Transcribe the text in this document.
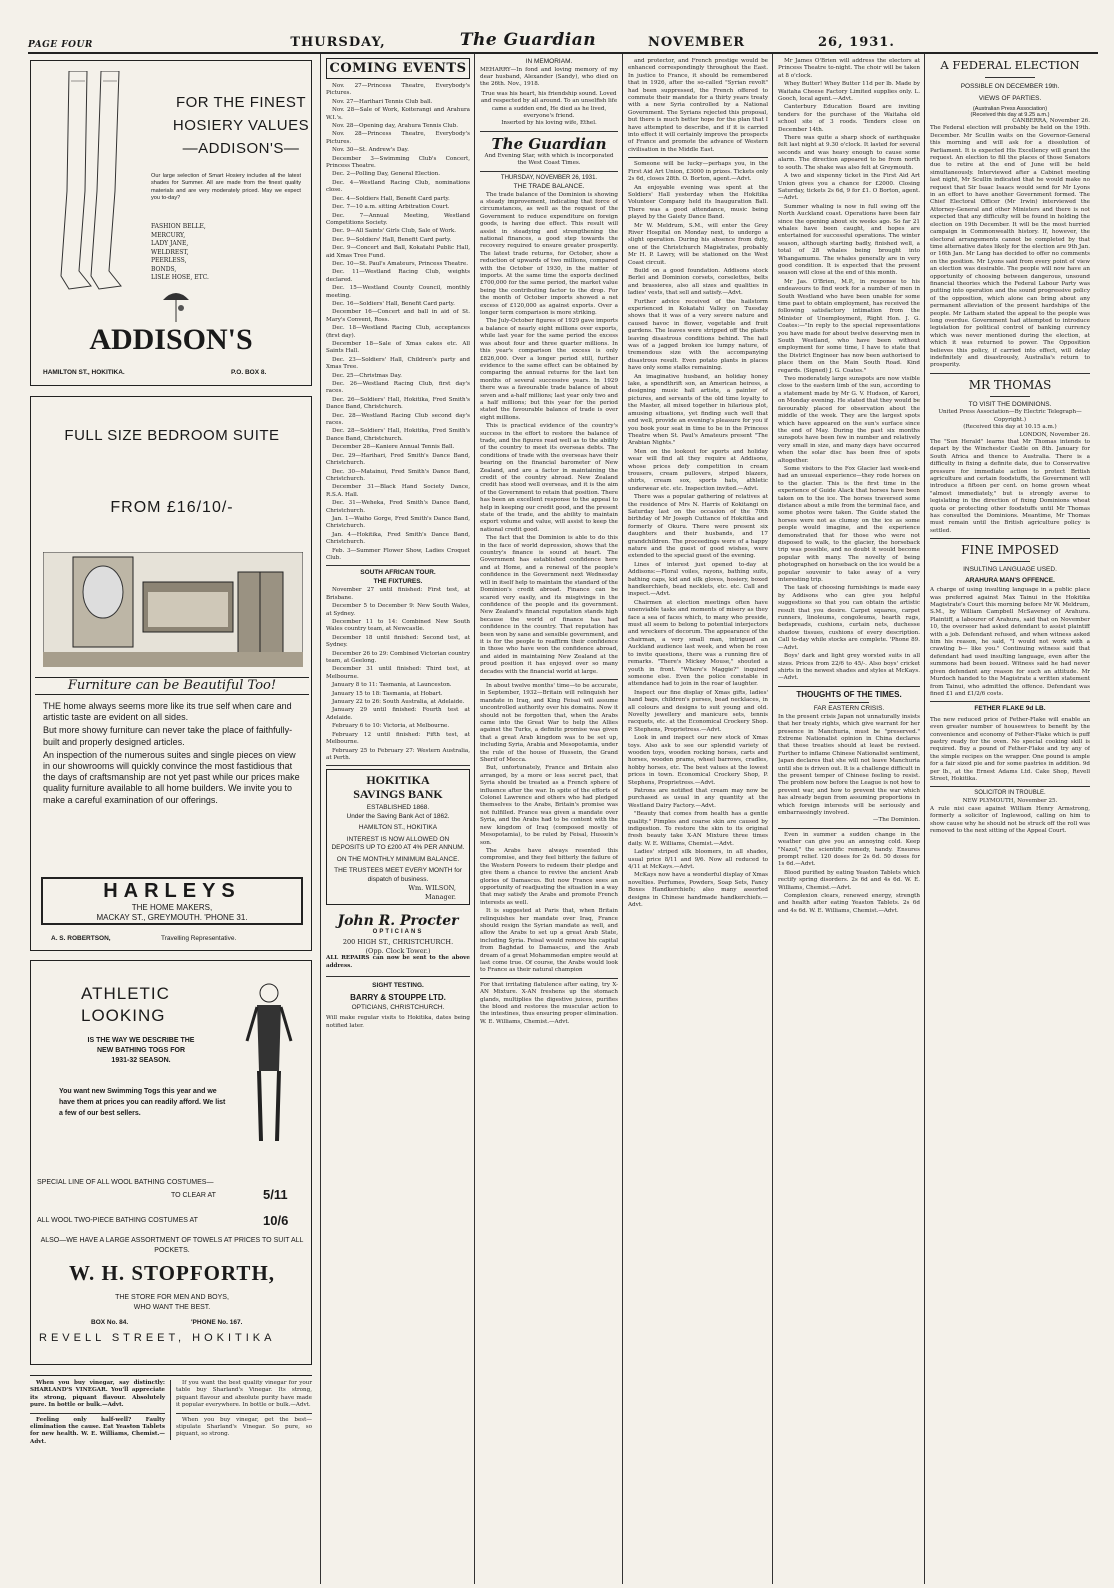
PAGE FOUR	THURSDAY,	The Guardian	NOVEMBER	26, 1931.
FOR THE FINEST
HOSIERY VALUES
—ADDISON'S—
Our large selection of Smart Hosiery includes all the latest shades for Summer. All are made from the finest quality materials and are very moderately priced. May we expect you to-day?
FASHION BELLE,
MERCURY,
LADY JANE,
WELDREST,
PEERLESS,
BONDS,
LISLE HOSE, ETC.
ADDISON'S
HAMILTON ST., HOKITIKA.	P.O. BOX 8.
FULL SIZE BEDROOM SUITE
FROM £16/10/-
Furniture can be Beautiful Too!

THE home always seems more like its true self when care and artistic taste are evident on all sides.

But more showy furniture can never take the place of faithfully-built and properly designed articles.

An inspection of the numerous suites and single pieces on view in our showrooms will quickly convince the most fastidious that the days of craftsmanship are not yet past while our prices make quality furniture available to all home builders. We invite you to make a careful examination of our offerings.

HARLEYS
THE HOME MAKERS,
MACKAY ST., GREYMOUTH. 'PHONE 31.
A. S. ROBERTSON,	Travelling Representative.
ATHLETIC
LOOKING
IS THE WAY WE DESCRIBE THE
NEW BATHING TOGS FOR
1931-32 SEASON.
You want new Swimming Togs this year and we have them at prices you can readily afford. We list a few of our best sellers.
SPECIAL LINE OF ALL WOOL BATHING COSTUMES—
TO CLEAR AT	5/11
ALL WOOL TWO-PIECE BATHING COSTUMES AT	10/6
ALSO—WE HAVE A LARGE ASSORTMENT OF TOWELS AT PRICES TO SUIT ALL POCKETS.
W. H. STOPFORTH,
THE STORE FOR MEN AND BOYS,
WHO WANT THE BEST.
BOX No. 84.	'PHONE No. 167.
REVELL STREET, HOKITIKA

When you buy vinegar, say distinctly: SHARLAND'S VINEGAR. You'll appreciate its strong, piquant flavour. Absolutely pure. In bottle or bulk.—Advt.

Feeling only half-well? Faulty elimination the cause. Eat Yeaston Tablets for new health. W. E. Williams, Chemist.—Advt.

If you want the best quality vinegar for your table buy Sharland's Vinegar. Its strong, piquant flavour and absolute purity have made it popular everywhere. In bottle or bulk.—Advt.

When you buy vinegar, get the best—stipulate Sharland's Vinegar. So pure, so piquant, so strong.

COMING EVENTS

Nov. 27—Princess Theatre, Everybody's Pictures.

Nov. 27—Harihari Tennis Club ball.

Nov. 28—Sale of Work, Koiterangi and Arahura W.I.'s.

Nov. 28—Opening day, Arahura Tennis Club.

Nov. 28—Princess Theatre, Everybody's Pictures.

Nov. 30—St. Andrew's Day.

December 3—Swimming Club's Concert, Princess Theatre.

Dec. 2—Polling Day, General Election.

Dec. 4—Westland Racing Club, nominations close.

Dec. 4—Soldiers Hall, Benefit Card party.

Dec. 7—10 a.m. sitting Arbitration Court.

Dec. 7—Annual Meeting, Westland Competitions Society.

Dec. 9—All Saints' Girls Club, Sale of Work.

Dec. 9—Soldiers' Hall, Benefit Card party.

Dec. 9—Concert and Ball, Kokatahi Public Hall, aid Xmas Tree Fund.

Dec. 10—St. Paul's Amateurs, Princess Theatre.

Dec. 11—Westland Racing Club, weights declared.

Dec. 15—Westland County Council, monthly meeting.

Dec. 16—Soldiers' Hall, Benefit Card party.

December 16—Concert and ball in aid of St. Mary's Convent, Ross.

Dec. 18—Westland Racing Club, acceptances (first day).

December 18—Sale of Xmas cakes etc. All Saints Hall.

Dec. 23—Soldiers' Hall, Children's party and Xmas Tree.

Dec. 25—Christmas Day.

Dec. 26—Westland Racing Club, first day's races.

Dec. 26—Soldiers' Hall, Hokitika, Fred Smith's Dance Band, Christchurch.

Dec. 28—Westland Racing Club second day's races.

Dec. 28—Soldiers' Hall, Hokitika, Fred Smith's Dance Band, Christchurch.

December 28—Kaniere Annual Tennis Ball.

Dec. 29—Harihari, Fred Smith's Dance Band, Christchurch.

Dec. 30—Matainui, Fred Smith's Dance Band, Christchurch.

December 31—Black Hand Society Dance, R.S.A. Hall.

Dec. 31—Weheka, Fred Smith's Dance Band, Christchurch.

Jan. 1—Waiho Gorge, Fred Smith's Dance Band, Christchurch.

Jan. 4—Hokitika, Fred Smith's Dance Band, Christchurch.

Feb. 3—Summer Flower Show, Ladies Croquet Club.

SOUTH AFRICAN TOUR.
THE FIXTURES.

November 27 until finished: First test, at Brisbane.

December 5 to December 9: New South Wales, at Sydney.

December 11 to 14: Combined New South Wales country team, at Newcastle.

December 18 until finished: Second test, at Sydney.

December 26 to 29: Combined Victorian country team, at Geelong.

December 31 until finished: Third test, at Melbourne.

January 8 to 11: Tasmania, at Launceston.

January 15 to 18: Tasmania, at Hobart.

January 22 to 26: South Australia, at Adelaide.

January 29 until finished: Fourth test at Adelaide.

February 6 to 10: Victoria, at Melbourne.

February 12 until finished: Fifth test, at Melbourne.

February 25 to February 27: Western Australia, at Perth.

HOKITIKA
SAVINGS BANK
ESTABLISHED 1868.
Under the Saving Bank Act of 1862.
HAMILTON ST., HOKITIKA
INTEREST IS NOW ALLOWED ON DEPOSITS UP TO £200 AT 4% PER ANNUM.
ON THE MONTHLY MINIMUM BALANCE.
THE TRUSTEES MEET EVERY MONTH for dispatch of business.
Wm. WILSON,
Manager.
John R. Procter
OPTICIANS
200 HIGH ST., CHRISTCHURCH.
(Opp. Clock Tower.)
ALL REPAIRS can now be sent to the above address.
SIGHT TESTING.
BARRY & STOUPPE LTD.
OPTICIANS, CHRISTCHURCH.
Will make regular visits to Hokitika, dates being notified later.
IN MEMORIAM.
MEHARRY—In fond and loving memory of my dear husband, Alexander (Sandy), who died on the 26th. Nov., 1918.
True was his heart, his friendship sound. Loved and respected by all around. To an unselfish life came a sudden end, He died as he lived, everyone's friend.
Inserted by his loving wife, Ethel.
The Guardian
And Evening Star, with which is incorporated the West Coast Times.
THURSDAY, NOVEMBER 26, 1931.
THE TRADE BALANCE.

The trade balance of the Dominion is showing a steady improvement, indicating that force of circumstances, as well as the request of the Government to reduce expenditure on foreign goods, is having due effect. This result will assist in steadying and strengthening the national finances, a good step towards the recovery required to ensure greater prosperity. The latest trade returns, for October, show a reduction of upwards of two millions, compared with the October of 1930, in the matter of imports. At the same time the exports declined £700,000 for the same period, the market value being the contributing factor to the drop. For the month of October imports showed a net excess of £120,000 as against exports. Over a longer term comparison is more striking.

The July-October figures of 1929 gave imports a balance of nearly eight millions over exports, while last year for the same period the excess was about four and three quarter millions. In this year's comparison the excess is only £826,000. Over a longer period still, further evidence to the same effect can be obtained by comparing the annual returns for the last ten months of several successive years. In 1929 there was a favourable trade balance of about seven and a-half millions; last year only two and a half millions; but this year for the period stated the favourable balance of trade is over eight millions.

This is practical evidence of the country's success in the effort to restore the balance of trade, and the figures read well as to the ability of the country to meet its overseas debts. The conditions of trade with the overseas have their bearing on the financial barometer of New Zealand, and are a factor in maintaining the credit of the country abroad. New Zealand credit has stood well overseas, and it is the aim of the Government to retain that position. There has been an excellent response to the appeal to help in keeping our credit good, and the present state of the trade, and the ability to maintain export volume and value, will assist to keep the national credit good.

The fact that the Dominion is able to do this in the face of world depression, shows that the country's finance is sound at heart. The Government has established confidence here and at Home, and a renewal of the people's confidence in the Government next Wednesday will in itself help to maintain the standard of the Dominion's credit abroad. Finance can be scared very easily, and its misgivings in the confidence of the people and its government. New Zealand's financial reputation stands high because the world of finance has had confidence in the country. That reputation has been won by sane and sensible government, and it is for the people to reaffirm their confidence in those who have won the confidence abroad, and aided in maintaining New Zealand at the proud position it has enjoyed over so many decades with the financial world at large.

In about twelve months' time—to be accurate, in September, 1932—Britain will relinquish her mandate in Iraq, and King Feisal will assume uncontrolled authority over his domains. Now it should not be forgotten that, when the Arabs came into the Great War to help the Allies against the Turks, a definite promise was given that a great Arab kingdom was to be set up, including Syria, Arabia and Mesopotamia, under the rule of the house of Hussein, the Grand Sherif of Mecca.

But, unfortunately, France and Britain also arranged, by a more or less secret pact, that Syria should be treated as a French sphere of influence after the war. In spite of the efforts of Colonel Lawrence and others who had pledged themselves to the Arabs, Britain's promise was not fulfilled. France was given a mandate over Syria, and the Arabs had to be content with the new kingdom of Iraq (composed mostly of Mesopotamia), to be ruled by Feisal, Hussein's son.

The Arabs have always resented this compromise, and they feel bitterly the failure of the Western Powers to redeem their pledge and give them a chance to revive the ancient Arab glories of Damascus. But now France sees an opportunity of readjusting the situation in a way that may satisfy the Arabs and promote French interests as well.

It is suggested at Paris that, when Britain relinquishes her mandate over Iraq, France should resign the Syrian mandate as well, and allow the Arabs to set up a great Arab State, including Syria. Feisal would remove his capital from Baghdad to Damascus, and the Arab dream of a great Mohammedan empire would at last come true. Of course, the Arabs would look to France as their natural champion

For that irritating flatulence after eating, try X-AN Mixture. X-AN freshens up the stomach glands, multiplies the digestive juices, purifies the blood and restores the muscular action to the intestines, thus ensuring proper elimination. W. E. Williams, Chemist.—Advt.

and protector, and French prestige would be enhanced correspondingly throughout the East. In justice to France, it should be remembered that in 1926, after the so-called "Syrian revolt" had been suppressed, the French offered to commute their mandate for a thirty years treaty with a new Syria controlled by a National Government. The Syrians rejected this proposal, but there is much better hope for the plan that I have attempted to describe, and if it is carried into effect it will certainly improve the prospects of France and promote the advance of Western civilisation in the Middle East.

Someone will be lucky—perhaps you, in the First Aid Art Union, £3000 in prizes. Tickets only 2s 6d, closes 28th. O. Borton, agent.—Advt.

An enjoyable evening was spent at the Soldiers' Hall yesterday when the Hokitika Volunteer Company held its Inauguration Ball. There was a good attendance, music being played by the Gaiety Dance Band.

Mr W. Meldrum, S.M., will enter the Grey River Hospital on Monday next, to undergo a slight operation. During his absence from duty, one of the Christchurch Magistrates, probably Mr H. P. Lawry, will be stationed on the West Coast circuit.

Build on a good foundation. Addisons stock Berlei and Dominion corsets, corselettes, belts and brassieres, also all sizes and qualities in ladies' vests, that sell and satisfy.—Advt.

Further advice received of the hailstorm experienced in Kokatahi Valley on Tuesday shows that it was of a very severe nature and caused havoc in flower, vegetable and fruit gardens. The leaves were stripped off the plants leaving disastrous conditions behind. The hail was of a jagged broken ice lumpy nature, of tremendous size with the accompanying disastrous result. Even potato plants in places have only some stalks remaining.

An imaginative husband, an holiday honey lake, a spendthrift son, an American heiress, a designing music hall artiste, a painter of pictures, and servants of the old time loyalty to the Master, all mixed together in hilarious plot, amusing situations, yet finding such well that end well, provide an evening's pleasure for you if you book your seat in time to be in the Princess Theatre when St. Paul's Amateurs present "The Arabian Nights."

Men on the lookout for sports and holiday wear will find all they require at Addisons, whose prices defy competition in cream trousers, cream pullovers, striped blazers, shirts, cream sox, sports hats, athletic underwear etc. etc. Inspection invited.—Advt.

There was a popular gathering of relatives at the residence of Mrs N. Harris of Kokitangi on Saturday last on the occasion of the 70th birthday of Mr Joseph Cuttance of Hokitika and formerly of Okuru. There were present six daughters and their husbands, and 17 grandchildren. The proceedings were of a happy nature and the guest of good wishes, were extended to the special guest of the evening.

Lines of interest just opened to-day at Addisons:—Floral voiles, rayons, bathing suits, bathing caps, kid and silk gloves, hosiery, boxed handkerchiefs, bead necklets, etc. etc. Call and inspect.—Advt.

Chairmen at election meetings often have unenviable tasks and moments of misery as they face a sea of faces which, to many who preside, must all seem to belong to potential interjectors and wreckers of decorum. The appearance of the chairman, a very small man, intrigued an Auckland audience last week, and when he rose to invite questions, there was a running fire of remarks. "There's Mickey Mouse," shouted a youth in front. "Where's Maggie?" inquired someone else. Even the police constable in attendance had to join in the roar of laughter.

Inspect our fine display of Xmas gifts, ladies' hand bags, children's purses, bead necklaces, in all colours and designs to suit young and old. Novelty jewellery and manicure sets, tennis racquets, etc. at the Economical Crockery Shop. P. Stephens, Proprietress.—Advt.

Look in and inspect our new stock of Xmas toys. Also ask to see our splendid variety of wooden toys, wooden rocking horses, carts and horses, wooden prams, wheel barrows, cradles, hobby horses, etc. The best values at the lowest prices in town. Economical Crockery Shop, P. Stephens, Proprietress.—Advt.

Patrons are notified that cream may now be purchased as usual in any quantity at the Westland Dairy Factory.—Advt.

"Beauty that comes from health has a gentle quality." Pimples and coarse skin are caused by indigestion. To restore the skin to its original fresh beauty take X-AN Mixture three times daily. W. E. Williams, Chemist.—Advt.

Ladies' striped silk bloomers, in all shades, usual price 8/11 and 9/6. Now all reduced to 4/11 at McKays.—Advt.

McKays now have a wonderful display of Xmas novelties. Perfumes, Powders, Soap Sets, Fancy Boxes Handkerchiefs; also many assorted designs in Chinese handmade handkerchiefs.—Advt.

Mr James O'Brien will address the electors at Princess Theatre to-night. The choir will be taken at 8 o'clock.

Whey Butter! Whey Butter 11d per lb. Made by Waitaha Cheese Factory Limited supplies only. L. Gooch, local agent.—Advt.

Canterbury Education Board are inviting tenders for the purchase of the Waitaha old school site of 3 roods. Tenders close on December 14th.

There was quite a sharp shock of earthquake felt last night at 9.30 o'clock. It lasted for several seconds and was heavy enough to cause some alarm. The direction appeared to be from north to south. The shake was also felt at Greymouth.

A two and sixpenny ticket in the First Aid Art Union gives you a chance for £2000. Closing Saturday, tickets 2s 6d, 9 for £1. O Borton, agent.—Advt.

Summer whaling is now in full swing off the North Auckland coast. Operations have been fair since the opening about six weeks ago. So far 21 whales have been caught, and hopes are entertained for successful operations. The winter season, although starting badly, finished well, a total of 28 whales being brought into Whangamumu. The whales generally are in very good condition. It is expected that the present season will close at the end of this month.

Mr Jas. O'Brien, M.P., in response to his endeavours to find work for a number of men in South Westland who have been unable for some time past to obtain employment, has received the following satisfactory intimation from the Minister of Unemployment, Right Hon. J. G. Coates:—"In reply to the special representations you have made for about twelve deserving men in South Westland, who have been without employment for some time, I have to state that the District Engineer has now been authorised to place them on the Main South Road. Kind regards. (Signed) J. G. Coates."

Two moderately large sunspots are now visible close to the eastern limb of the sun, according to a statement made by Mr G. V. Hudson, of Karori, on Monday evening. He stated that they would be favourably placed for observation about the middle of the week. They are the largest spots which have appeared on the sun's surface since the end of May. During the past six months sunspots have been few in number and relatively very small in size, and many days have occurred when the solar disc has been free of spots altogether.

Some visitors to the Fox Glacier last week-end had an unusual experience—they rode horses on to the glacier. This is the first time in the experience of Guide Alack that horses have been taken on to the ice. The horses traversed some distance about a mile from the terminal face, and some photos were taken. The Guide stated the horses were not as clumsy on the ice as some people would imagine, and the experience demonstrated that for those who were not disposed to walk, to the glacier, the horseback trip was possible, and no doubt it would become popular with many. The novelty of being photographed on horseback on the ice would be a popular souvenir to take away of a very interesting trip.

The task of choosing furnishings is made easy by Addisons who can give you helpful suggestions so that you can obtain the artistic result that you desire. Carpet squares, carpet runners, linoleums, congoleums, hearth rugs, bedspreads, cushions, curtain nets, duchesse shadow tissues, cushions of every description. Call to-day while stocks are complete. 'Phone 89.—Advt.

Boys' dark and light grey worsted suits in all sizes. Prices from 22/6 to 45/-. Also boys' cricket shirts in the newest shades and styles at McKays.—Advt.

THOUGHTS OF THE TIMES.
FAR EASTERN CRISIS.
In the present crisis Japan not unnaturally insists that her treaty rights, which give warrant for her presence in Manchuria, must be "preserved." Extreme Nationalist opinion in China declares that these treaties should at least be revised. Further to inflame Chinese Nationalist sentiment, Japan declares that she will not leave Manchuria until she is driven out. It is a challenge difficult in the present temper of Chinese feeling to resist. The problem now before the League is not how to prevent war, and how to prevent the war which has already begun from assuming proportions in which foreign interests will be seriously and embarrassingly involved.
—The Dominion.

Even in summer a sudden change in the weather can give you an annoying cold. Keep "Nazol," the scientific remedy, handy. Ensures prompt relief. 120 doses for 2s 6d. 50 doses for 1s 6d.—Advt.

Blood purified by eating Yeaston Tablets which rectify spring disorders. 2s 6d and 4s 6d. W. E. Williams, Chemist.—Advt.

Complexion clears, renewed energy, strength and health after eating Yeaston Tablets. 2s 6d and 4s 6d. W. E. Williams, Chemist.—Advt.

A FEDERAL ELECTION
POSSIBLE ON DECEMBER 19th.
VIEWS OF PARTIES.
(Australian Press Association)
(Received this day at 9.25 a.m.)
CANBERRA, November 26.
The Federal election will probably be held on the 19th. December. Mr Scullin waits on the Governor-General this morning and will ask for a dissolution of Parliament. It is expected His Excellency will grant the request. An election to fill the places of those Senators due to retire at the end of June will be held simultaneously. Interviewed after a Cabinet meeting last night, Mr Scullin indicated that he would make no request that Sir Isaac Isaacs would send for Mr Lyons in an effort to have another Government formed. The Chief Electoral Officer (Mr Irwin) interviewed the Attorney-General and other Ministers and there is not expected that any difficulty will be found in holding the election on 19th December. It will be the most hurried campaign in Commonwealth history. If, however, the electoral arrangements cannot be completed by that time alternative dates likely for the election are 9th Jan. or 16th Jan. Mr Lang has decided to offer no comments on the position. Mr Lyons said from every point of view an election was desirable. The people will now have an opportunity of choosing between dangerous, unsound financial theories which the Federal Labour Party was putting into operation and the sound progressive policy of the opposition, which alone can bring about any permanent alleviation of the present hardships of the people. Mr Latham stated the appeal to the people was long overdue. Government had attempted to introduce legislation for political control of banking currency which was never mentioned during the election, at which it was returned to power. The Opposition believes this policy, if carried into effect, will delay indefinitely and disastrously, Australia's return to prosperity.
MR THOMAS
TO VISIT THE DOMINIONS.
United Press Association—By Electric Telegraph—Copyright.)
(Received this day at 10.15 a.m.)
LONDON, November 26.
The "Sun Herald" learns that Mr Thomas intends to depart by the Winchester Castle on 8th. January for South Africa and thence to Australia. There is a difficulty in fixing a definite date, due to Conservative pressure for immediate action to protect British agriculture and certain foodstuffs, the Government will introduce a fifteen per cent. on home grown wheat "almost immediately," but is strongly averse to legislating in the direction of fixing Dominions wheat quota or protecting other foodstuffs until Mr Thomas has consulted the Dominions. Meantime, Mr Thomas must remain until the British agriculture policy is settled.
FINE IMPOSED
INSULTING LANGUAGE USED.
ARAHURA MAN'S OFFENCE.
A charge of using insulting language in a public place was preferred against Max Tainui in the Hokitika Magistrate's Court this morning before Mr W. Meldrum, S.M., by William Campbell McSaveney of Arahura. Plaintiff, a labourer of Arahura, said that on November 10, the overseer had asked defendant to assist plaintiff with a job. Defendant refused, and when witness asked him his reason, he said, "I would not work with a crawling b— like you." Continuing witness said that defendant had used insulting language, even after the summons had been issued. Witness said he had never given defendant any reason for such an attitude. Mr Murdoch handed to the Magistrate a written statement from Tainui, who admitted the offence. Defendant was fined £1 and £1/2/6 costs.
FETHER FLAKE 9d LB.
The new reduced price of Fether-Flake will enable an even greater number of housewives to benefit by the convenience and economy of Fether-Flake which is puff pastry ready for the oven. No special cooking skill is required. Buy a pound of Fether-Flake and try any of the simple recipes on the wrapper. One pound is ample for a fair sized pie and for some pastries in addition. 9d per lb., at the Ernest Adams Ltd. Cake Shop, Revell Street, Hokitika.
SOLICITOR IN TROUBLE.
NEW PLYMOUTH, November 25.
A rule nisi case against William Henry Armstrong, formerly a solicitor of Inglewood, calling on him to show cause why he should not be struck off the roll was removed to the next sitting of the Appeal Court.
